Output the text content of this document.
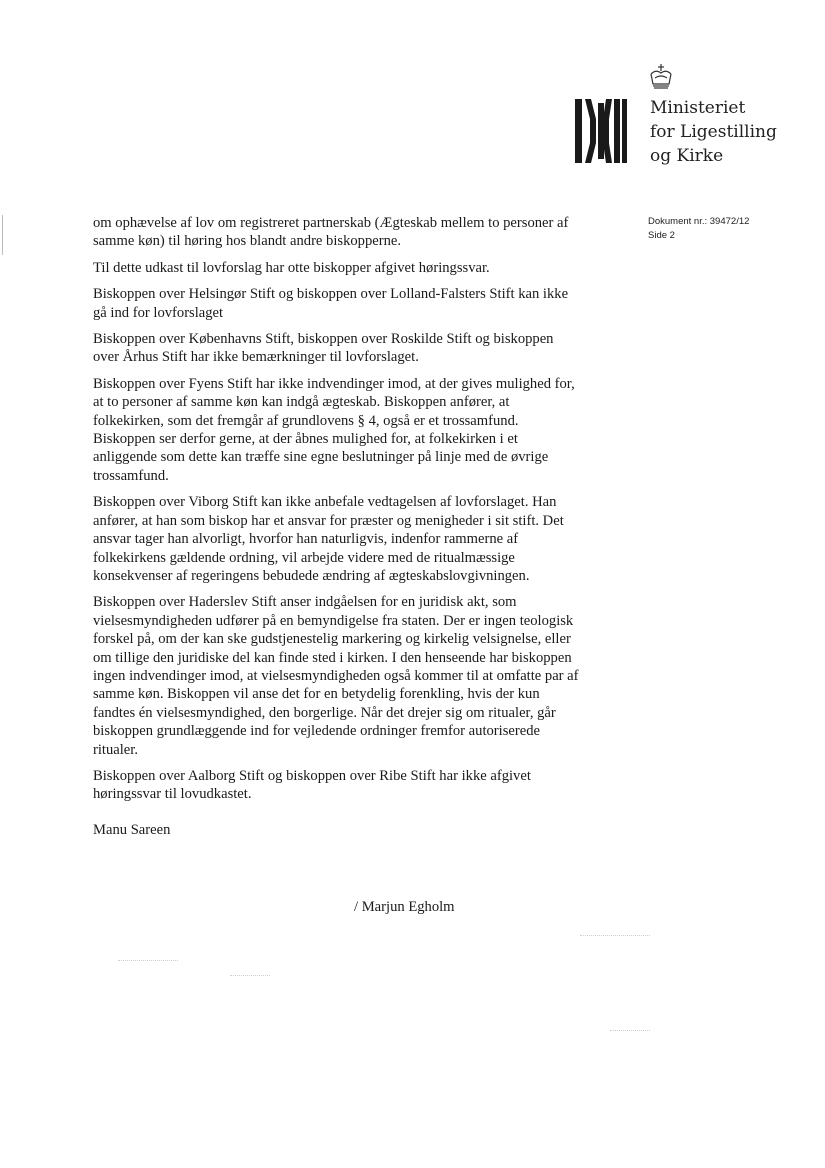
Ministeriet
for Ligestilling
og Kirke
Dokument nr.: 39472/12
Side 2

om ophævelse af lov om registreret partnerskab (Ægteskab mellem to personer af samme køn) til høring hos blandt andre biskopperne.

Til dette udkast til lovforslag har otte biskopper afgivet høringssvar.

Biskoppen over Helsingør Stift og biskoppen over Lolland-Falsters Stift kan ikke gå ind for lovforslaget

Biskoppen over Københavns Stift, biskoppen over Roskilde Stift og biskoppen over Århus Stift har ikke bemærkninger til lovforslaget.

Biskoppen over Fyens Stift har ikke indvendinger imod, at der gives mulighed for, at to personer af samme køn kan indgå ægteskab. Biskoppen anfører, at folkekirken, som det fremgår af grundlovens § 4, også er et trossamfund. Biskoppen ser derfor gerne, at der åbnes mulighed for, at folkekirken i et anliggende som dette kan træffe sine egne beslutninger på linje med de øvrige trossamfund.

Biskoppen over Viborg Stift kan ikke anbefale vedtagelsen af lovforslaget. Han anfører, at han som biskop har et ansvar for præster og menigheder i sit stift. Det ansvar tager han alvorligt, hvorfor han naturligvis, indenfor rammerne af folkekirkens gældende ordning, vil arbejde videre med de ritualmæssige konsekvenser af regeringens bebudede ændring af ægteskabslovgivningen.

Biskoppen over Haderslev Stift anser indgåelsen for en juridisk akt, som vielsesmyndigheden udfører på en bemyndigelse fra staten. Der er ingen teologisk forskel på, om der kan ske gudstjenestelig markering og kirkelig velsignelse, eller om tillige den juridiske del kan finde sted i kirken. I den henseende har biskoppen ingen indvendinger imod, at vielsesmyndigheden også kommer til at omfatte par af samme køn. Biskoppen vil anse det for en betydelig forenkling, hvis der kun fandtes én vielsesmyndighed, den borgerlige. Når det drejer sig om ritualer, går biskoppen grundlæggende ind for vejledende ordninger fremfor autoriserede ritualer.

Biskoppen over Aalborg Stift og biskoppen over Ribe Stift har ikke afgivet høringssvar til lovudkastet.

Manu Sareen
/ Marjun Egholm
